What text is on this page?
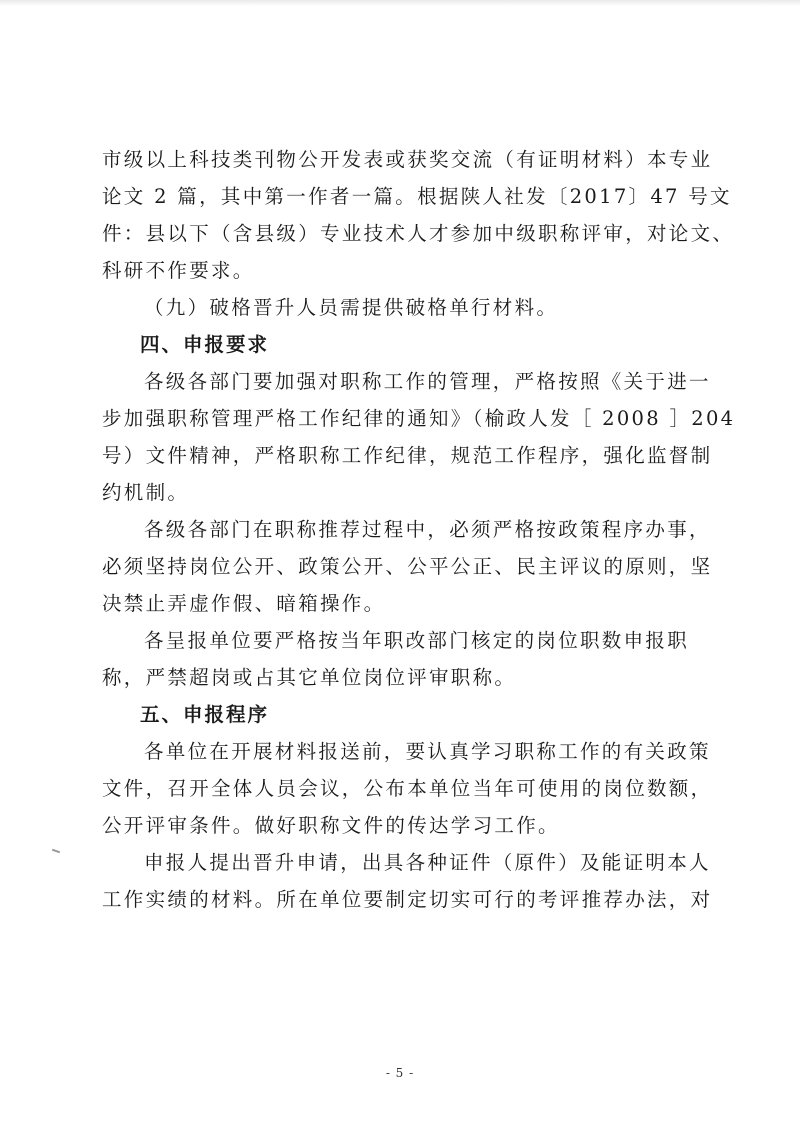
市级以上科技类刊物公开发表或获奖交流（有证明材料）本专业
论文 2 篇，其中第一作者一篇。根据陕人社发〔2017〕47 号文
件：县以下（含县级）专业技术人才参加中级职称评审，对论文、
科研不作要求。
（九）破格晋升人员需提供破格单行材料。
四、申报要求
各级各部门要加强对职称工作的管理，严格按照《关于进一
步加强职称管理严格工作纪律的通知》（榆政人发［ 2008 ］204
号）文件精神，严格职称工作纪律，规范工作程序，强化监督制
约机制。
各级各部门在职称推荐过程中，必须严格按政策程序办事，
必须坚持岗位公开、政策公开、公平公正、民主评议的原则，坚
决禁止弄虚作假、暗箱操作。
各呈报单位要严格按当年职改部门核定的岗位职数申报职
称，严禁超岗或占其它单位岗位评审职称。
五、申报程序
各单位在开展材料报送前，要认真学习职称工作的有关政策
文件，召开全体人员会议，公布本单位当年可使用的岗位数额，
公开评审条件。做好职称文件的传达学习工作。
申报人提出晋升申请，出具各种证件（原件）及能证明本人
工作实绩的材料。所在单位要制定切实可行的考评推荐办法，对
- 5 -
